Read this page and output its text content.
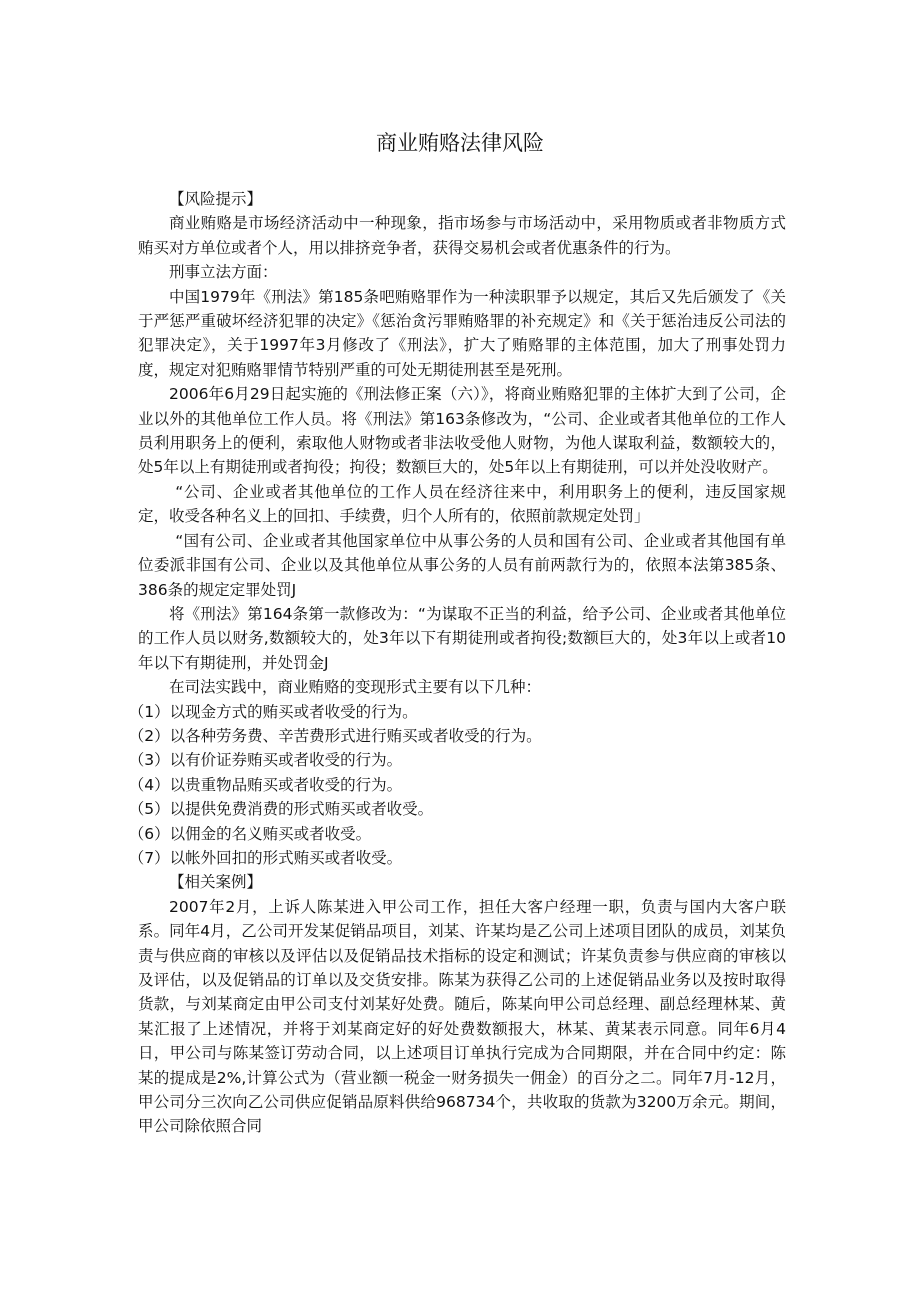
商业贿赂法律风险

【风险提示】

商业贿赂是市场经济活动中一种现象，指市场参与市场活动中，采用物质或者非物质方式贿买对方单位或者个人，用以排挤竞争者，获得交易机会或者优惠条件的行为。

刑事立法方面：

中国1979年《刑法》第185条吧贿赂罪作为一种渎职罪予以规定，其后又先后颁发了《关于严惩严重破坏经济犯罪的决定》《惩治贪污罪贿赂罪的补充规定》和《关于惩治违反公司法的犯罪决定》，关于1997年3月修改了《刑法》，扩大了贿赂罪的主体范围，加大了刑事处罚力度，规定对犯贿赂罪情节特别严重的可处无期徒刑甚至是死刑。

2006年6月29日起实施的《刑法修正案（六）》，将商业贿赂犯罪的主体扩大到了公司，企业以外的其他单位工作人员。将《刑法》第163条修改为，“公司、企业或者其他单位的工作人员利用职务上的便利，索取他人财物或者非法收受他人财物，为他人谋取利益，数额较大的，处5年以上有期徒刑或者拘役；拘役；数额巨大的，处5年以上有期徒刑，可以并处没收财产。

“公司、企业或者其他单位的工作人员在经济往来中，利用职务上的便利，违反国家规定，收受各种名义上的回扣、手续费，归个人所有的，依照前款规定处罚」

“国有公司、企业或者其他国家单位中从事公务的人员和国有公司、企业或者其他国有单位委派非国有公司、企业以及其他单位从事公务的人员有前两款行为的，依照本法第385条、386条的规定定罪处罚J

将《刑法》第164条第一款修改为：“为谋取不正当的利益，给予公司、企业或者其他单位的工作人员以财务,数额较大的，处3年以下有期徒刑或者拘役;数额巨大的，处3年以上或者10年以下有期徒刑，并处罚金J

在司法实践中，商业贿赂的变现形式主要有以下几种：

（1）以现金方式的贿买或者收受的行为。

（2）以各种劳务费、辛苦费形式进行贿买或者收受的行为。

（3）以有价证券贿买或者收受的行为。

（4）以贵重物品贿买或者收受的行为。

（5）以提供免费消费的形式贿买或者收受。

（6）以佣金的名义贿买或者收受。

（7）以帐外回扣的形式贿买或者收受。

【相关案例】

2007年2月，上诉人陈某进入甲公司工作，担任大客户经理一职，负责与国内大客户联系。同年4月，乙公司开发某促销品项目，刘某、许某均是乙公司上述项目团队的成员，刘某负责与供应商的审核以及评估以及促销品技术指标的设定和测试；许某负责参与供应商的审核以及评估，以及促销品的订单以及交货安排。陈某为获得乙公司的上述促销品业务以及按时取得货款，与刘某商定由甲公司支付刘某好处费。随后，陈某向甲公司总经理、副总经理林某、黄某汇报了上述情况，并将于刘某商定好的好处费数额报大，林某、黄某表示同意。同年6月4日，甲公司与陈某签订劳动合同，以上述项目订单执行完成为合同期限，并在合同中约定：陈某的提成是2%,计算公式为（营业额一税金一财务损失一佣金）的百分之二。同年7月-12月，甲公司分三次向乙公司供应促销品原料供给968734个，共收取的货款为3200万余元。期间，甲公司除依照合同
